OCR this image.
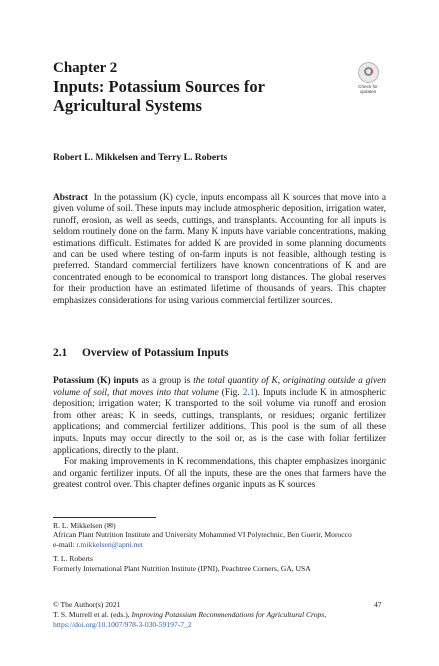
Chapter 2
Inputs: Potassium Sources for Agricultural Systems
Check for updates
Robert L. Mikkelsen and Terry L. Roberts
Abstract In the potassium (K) cycle, inputs encompass all K sources that move into a given volume of soil. These inputs may include atmospheric deposition, irrigation water, runoff, erosion, as well as seeds, cuttings, and transplants. Accounting for all inputs is seldom routinely done on the farm. Many K inputs have variable concentrations, making estimations difficult. Estimates for added K are provided in some planning documents and can be used where testing of on-farm inputs is not feasible, although testing is preferred. Standard commercial fertilizers have known concentrations of K and are concentrated enough to be economical to transport long distances. The global reserves for their production have an estimated lifetime of thousands of years. This chapter emphasizes considerations for using various commercial fertilizer sources.
2.1 Overview of Potassium Inputs

Potassium (K) inputs as a group is the total quantity of K, originating outside a given volume of soil, that moves into that volume (Fig. 2.1). Inputs include K in atmospheric deposition; irrigation water; K transported to the soil volume via runoff and erosion from other areas; K in seeds, cuttings, transplants, or residues; organic fertilizer applications; and commercial fertilizer additions. This pool is the sum of all these inputs. Inputs may occur directly to the soil or, as is the case with foliar fertilizer applications, directly to the plant.

For making improvements in K recommendations, this chapter emphasizes inorganic and organic fertilizer inputs. Of all the inputs, these are the ones that farmers have the greatest control over. This chapter defines organic inputs as K sources

R. L. Mikkelsen (✉)
African Plant Nutrition Institute and University Mohammed VI Polytechnic, Ben Guerir, Morocco
e-mail: r.mikkelsen@apni.net
T. L. Roberts
Formerly International Plant Nutrition Institute (IPNI), Peachtree Corners, GA, USA
© The Author(s) 2021
T. S. Murrell et al. (eds.), Improving Potassium Recommendations for Agricultural Crops, https://doi.org/10.1007/978-3-030-59197-7_2
47
